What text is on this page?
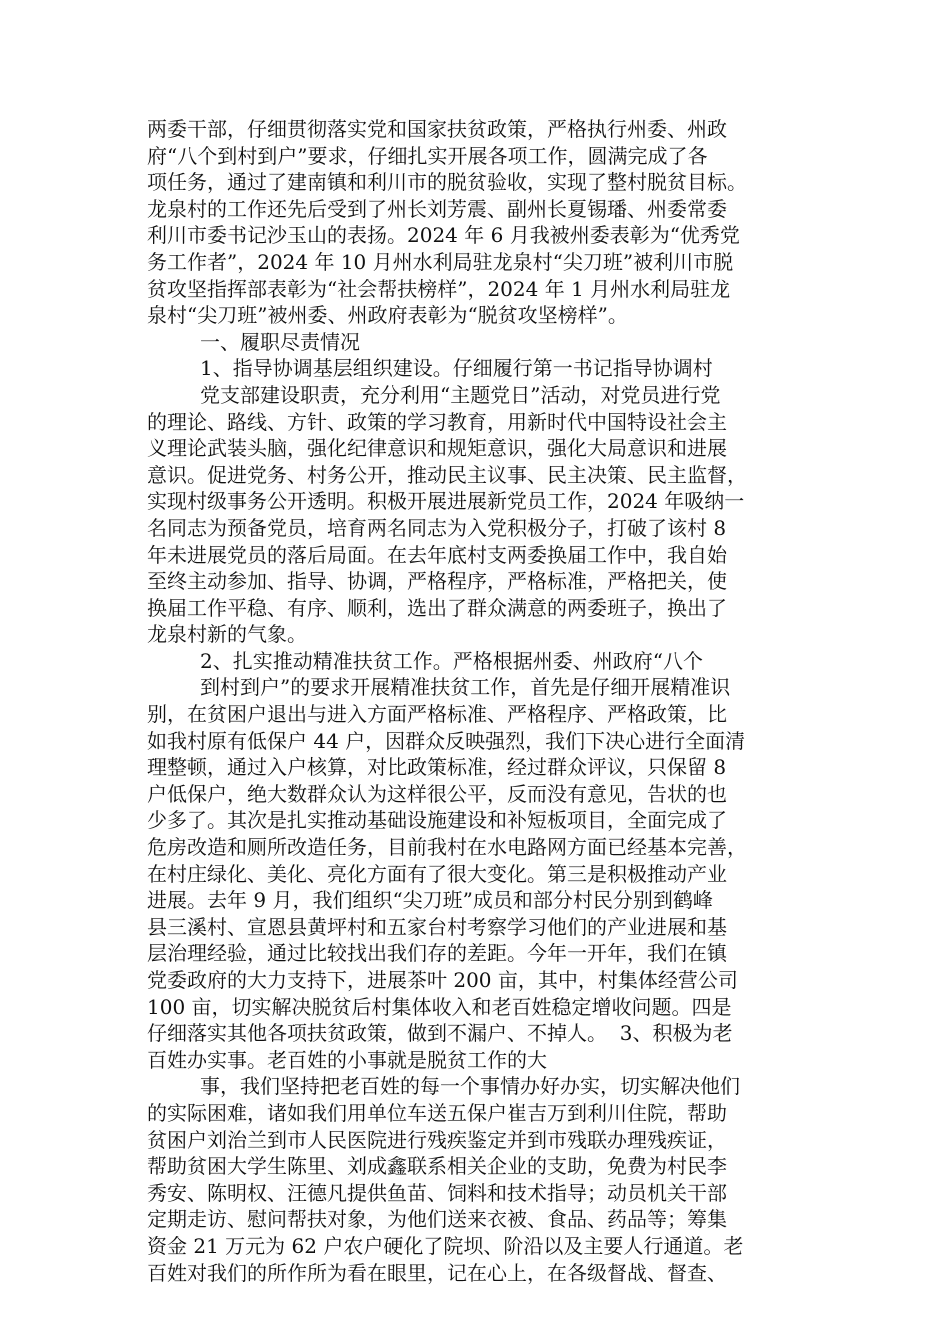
两委干部，仔细贯彻落实党和国家扶贫政策，严格执行州委、州政
府“八个到村到户”要求，仔细扎实开展各项工作，圆满完成了各
项任务，通过了建南镇和利川市的脱贫验收，实现了整村脱贫目标。
龙泉村的工作还先后受到了州长刘芳震、副州长夏锡璠、州委常委
利川市委书记沙玉山的表扬。2024 年 6 月我被州委表彰为“优秀党
务工作者”，2024 年 10 月州水利局驻龙泉村“尖刀班”被利川市脱
贫攻坚指挥部表彰为“社会帮扶榜样”，2024 年 1 月州水利局驻龙
泉村“尖刀班”被州委、州政府表彰为“脱贫攻坚榜样”。
一、履职尽责情况
1、指导协调基层组织建设。仔细履行第一书记指导协调村
党支部建设职责，充分利用“主题党日”活动，对党员进行党
的理论、路线、方针、政策的学习教育，用新时代中国特设社会主
义理论武装头脑，强化纪律意识和规矩意识，强化大局意识和进展
意识。促进党务、村务公开，推动民主议事、民主决策、民主监督，
实现村级事务公开透明。积极开展进展新党员工作，2024 年吸纳一
名同志为预备党员，培育两名同志为入党积极分子，打破了该村 8
年未进展党员的落后局面。在去年底村支两委换届工作中，我自始
至终主动参加、指导、协调，严格程序，严格标准，严格把关，使
换届工作平稳、有序、顺利，选出了群众满意的两委班子，换出了
龙泉村新的气象。
2、扎实推动精准扶贫工作。严格根据州委、州政府“八个
到村到户”的要求开展精准扶贫工作，首先是仔细开展精准识
别，在贫困户退出与进入方面严格标准、严格程序、严格政策，比
如我村原有低保户 44 户，因群众反映强烈，我们下决心进行全面清
理整顿，通过入户核算，对比政策标准，经过群众评议，只保留 8
户低保户，绝大数群众认为这样很公平，反而没有意见，告状的也
少多了。其次是扎实推动基础设施建设和补短板项目，全面完成了
危房改造和厕所改造任务，目前我村在水电路网方面已经基本完善，
在村庄绿化、美化、亮化方面有了很大变化。第三是积极推动产业
进展。去年 9 月，我们组织“尖刀班”成员和部分村民分别到鹤峰
县三溪村、宣恩县黄坪村和五家台村考察学习他们的产业进展和基
层治理经验，通过比较找出我们存的差距。今年一开年，我们在镇
党委政府的大力支持下，进展茶叶 200 亩，其中，村集体经营公司
100 亩，切实解决脱贫后村集体收入和老百姓稳定增收问题。四是
仔细落实其他各项扶贫政策，做到不漏户、不掉人。  3、积极为老
百姓办实事。老百姓的小事就是脱贫工作的大
事，我们坚持把老百姓的每一个事情办好办实，切实解决他们
的实际困难，诸如我们用单位车送五保户崔吉万到利川住院，帮助
贫困户刘治兰到市人民医院进行残疾鉴定并到市残联办理残疾证，
帮助贫困大学生陈里、刘成鑫联系相关企业的支助，免费为村民李
秀安、陈明权、汪德凡提供鱼苗、饲料和技术指导；动员机关干部
定期走访、慰问帮扶对象，为他们送来衣被、食品、药品等；筹集
资金 21 万元为 62 户农户硬化了院坝、阶沿以及主要人行通道。老
百姓对我们的所作所为看在眼里，记在心上，在各级督战、督查、
